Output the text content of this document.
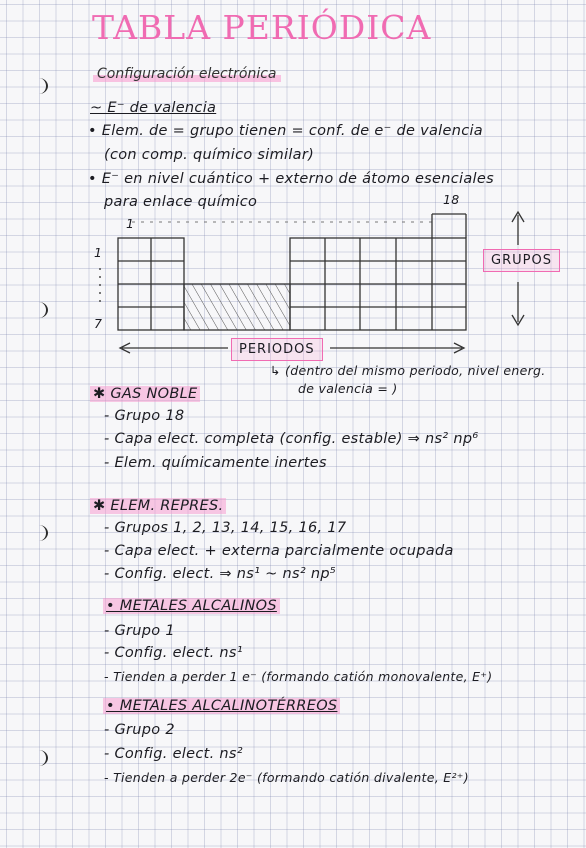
TABLA PERIÓDICA
Configuración electrónica
~ E⁻ de valencia
• Elem. de = grupo tienen = conf. de e⁻ de valencia
(con comp. químico similar)
• E⁻ en nivel cuántico + externo de átomo esenciales
para enlace químico
1
18
1
7
GRUPOS
PERIODOS
↳ (dentro del mismo periodo, nivel energ.
de valencia = )
✱ GAS NOBLE
- Grupo 18
- Capa elect. completa (config. estable) ⇒ ns² np⁶
- Elem. químicamente inertes
✱ ELEM. REPRES.
- Grupos 1, 2, 13, 14, 15, 16, 17
- Capa elect. + externa parcialmente ocupada
- Config. elect. ⇒ ns¹ ~ ns² np⁵
• METALES ALCALINOS
- Grupo 1
- Config. elect. ns¹
- Tienden a perder 1 e⁻ (formando catión monovalente, E⁺)
• METALES ALCALINOTÉRREOS
- Grupo 2
- Config. elect. ns²
- Tienden a perder 2e⁻ (formando catión divalente, E²⁺)
